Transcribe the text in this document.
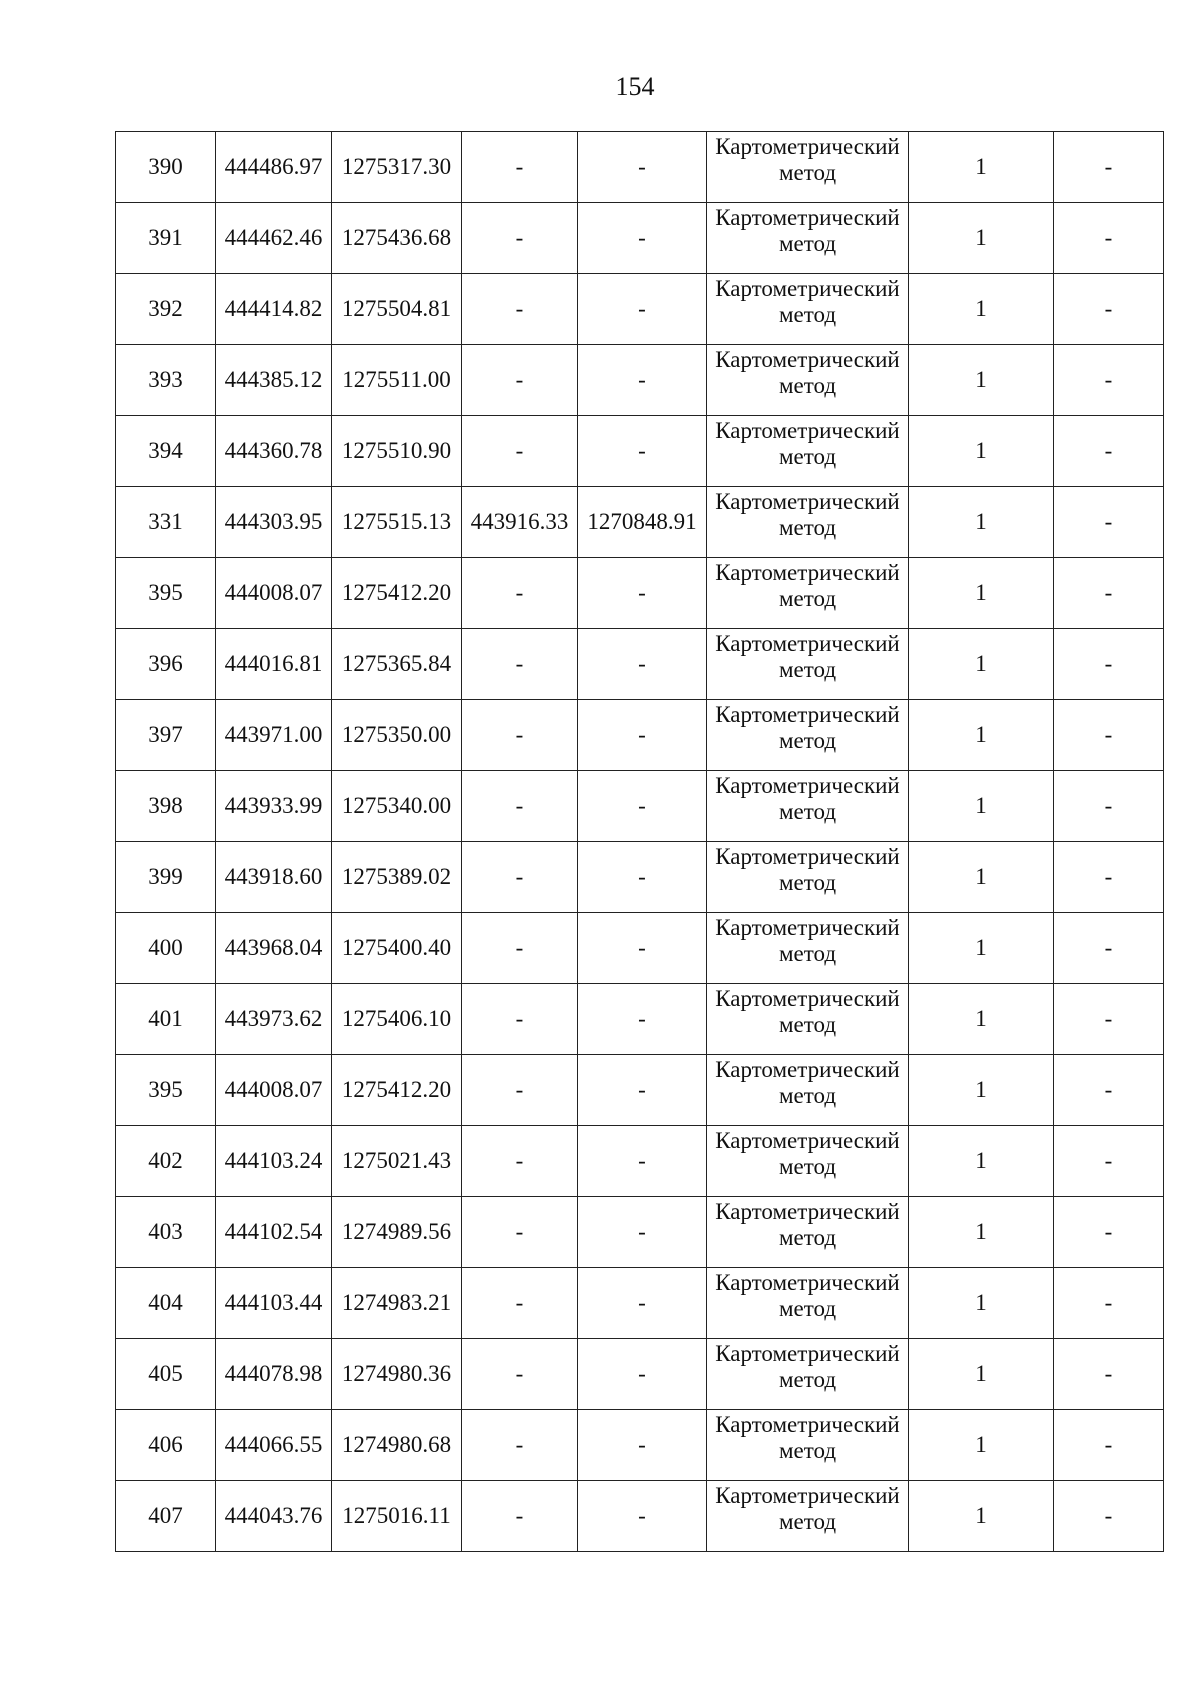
154
390	444486.97	1275317.30	-	-	Картометрический метод	1	-
391	444462.46	1275436.68	-	-	Картометрический метод	1	-
392	444414.82	1275504.81	-	-	Картометрический метод	1	-
393	444385.12	1275511.00	-	-	Картометрический метод	1	-
394	444360.78	1275510.90	-	-	Картометрический метод	1	-
331	444303.95	1275515.13	443916.33	1270848.91	Картометрический метод	1	-
395	444008.07	1275412.20	-	-	Картометрический метод	1	-
396	444016.81	1275365.84	-	-	Картометрический метод	1	-
397	443971.00	1275350.00	-	-	Картометрический метод	1	-
398	443933.99	1275340.00	-	-	Картометрический метод	1	-
399	443918.60	1275389.02	-	-	Картометрический метод	1	-
400	443968.04	1275400.40	-	-	Картометрический метод	1	-
401	443973.62	1275406.10	-	-	Картометрический метод	1	-
395	444008.07	1275412.20	-	-	Картометрический метод	1	-
402	444103.24	1275021.43	-	-	Картометрический метод	1	-
403	444102.54	1274989.56	-	-	Картометрический метод	1	-
404	444103.44	1274983.21	-	-	Картометрический метод	1	-
405	444078.98	1274980.36	-	-	Картометрический метод	1	-
406	444066.55	1274980.68	-	-	Картометрический метод	1	-
407	444043.76	1275016.11	-	-	Картометрический метод	1	-
